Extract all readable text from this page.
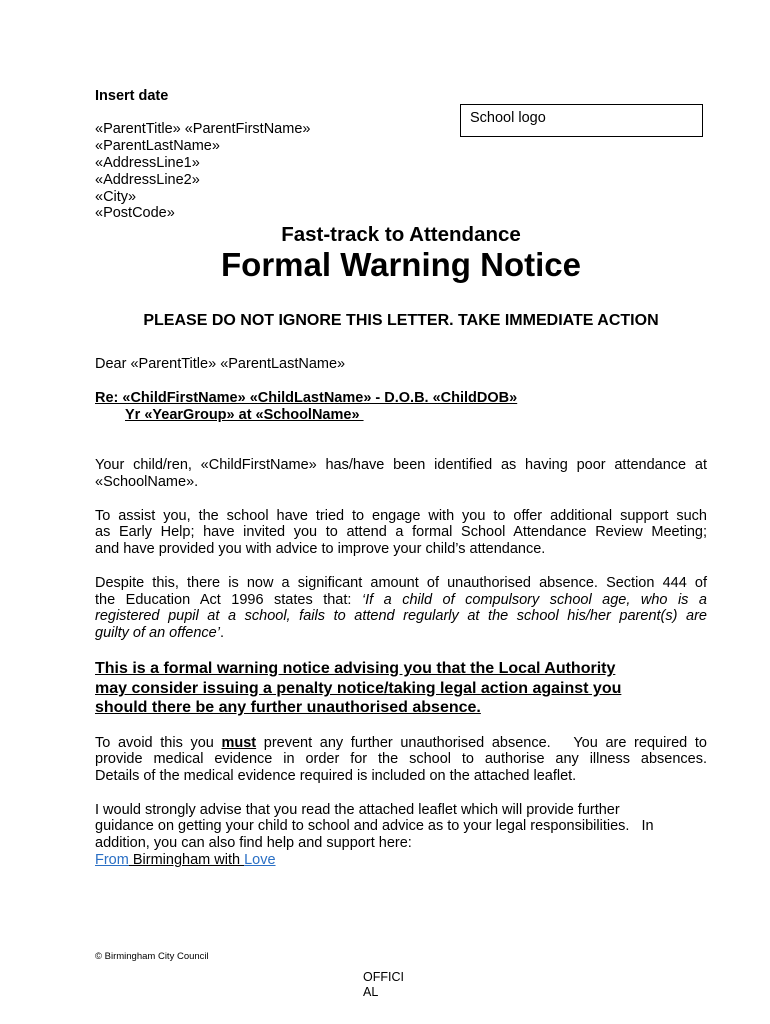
Insert date
«ParentTitle» «ParentFirstName»
«ParentLastName»
«AddressLine1»
«AddressLine2»
«City»
«PostCode»
School logo
Fast-track to Attendance
Formal Warning Notice
PLEASE DO NOT IGNORE THIS LETTER. TAKE IMMEDIATE ACTION
Dear «ParentTitle» «ParentLastName»
Re: «ChildFirstName» «ChildLastName» - D.O.B. «ChildDOB»
Yr «YearGroup» at «SchoolName»
Your child/ren, «ChildFirstName» has/have been identified as having poor attendance at
«SchoolName».
To assist you, the school have tried to engage with you to offer additional support such
as Early Help; have invited you to attend a formal School Attendance Review Meeting;
and have provided you with advice to improve your child’s attendance.
Despite this, there is now a significant amount of unauthorised absence. Section 444 of
the Education Act 1996 states that: ‘If a child of compulsory school age, who is a
registered pupil at a school, fails to attend regularly at the school his/her parent(s) are
guilty of an offence’.
This is a formal warning notice advising you that the Local Authority
may consider issuing a penalty notice/taking legal action against you
should there be any further unauthorised absence.
To avoid this you must prevent any further unauthorised absence.   You are required to
provide medical evidence in order for the school to authorise any illness absences.
Details of the medical evidence required is included on the attached leaflet.
I would strongly advise that you read the attached leaflet which will provide further
guidance on getting your child to school and advice as to your legal responsibilities.   In
addition, you can also find help and support here:
From Birmingham with Love
© Birmingham City Council
OFFICI
AL
